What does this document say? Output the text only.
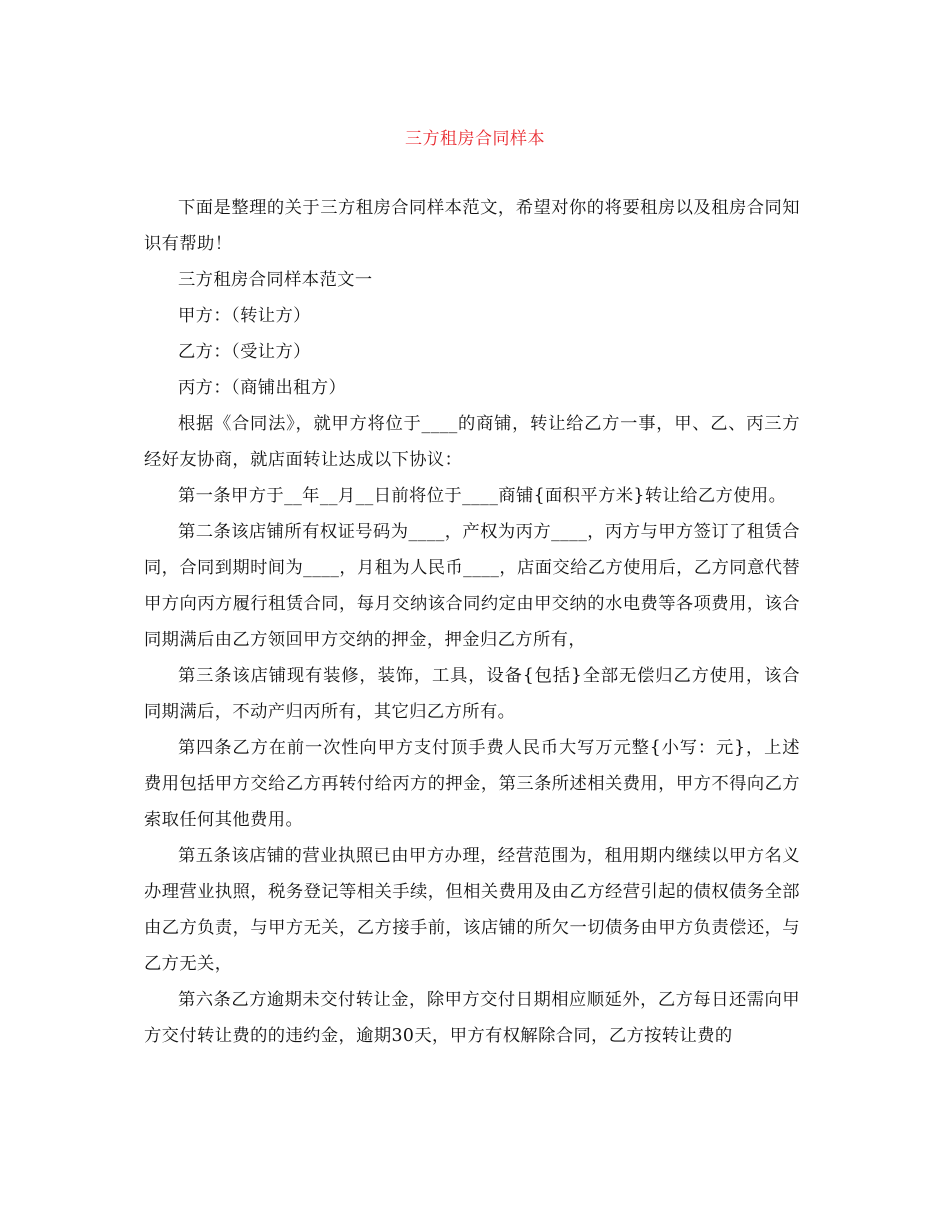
三方租房合同样本

下面是整理的关于三方租房合同样本范文，希望对你的将要租房以及租房合同知识有帮助！

三方租房合同样本范文一

甲方：（转让方）

乙方：（受让方）

丙方：（商铺出租方）

根据《合同法》，就甲方将位于____的商铺，转让给乙方一事，甲、乙、丙三方经好友协商，就店面转让达成以下协议：

第一条甲方于__年__月__日前将位于____商铺{面积平方米}转让给乙方使用。

第二条该店铺所有权证号码为____，产权为丙方____，丙方与甲方签订了租赁合同，合同到期时间为____，月租为人民币____，店面交给乙方使用后，乙方同意代替甲方向丙方履行租赁合同，每月交纳该合同约定由甲交纳的水电费等各项费用，该合同期满后由乙方领回甲方交纳的押金，押金归乙方所有，

第三条该店铺现有装修，装饰，工具，设备{包括}全部无偿归乙方使用，该合同期满后，不动产归丙所有，其它归乙方所有。

第四条乙方在前一次性向甲方支付顶手费人民币大写万元整{小写：元}，上述费用包括甲方交给乙方再转付给丙方的押金，第三条所述相关费用，甲方不得向乙方索取任何其他费用。

第五条该店铺的营业执照已由甲方办理，经营范围为，租用期内继续以甲方名义办理营业执照，税务登记等相关手续，但相关费用及由乙方经营引起的债权债务全部由乙方负责，与甲方无关，乙方接手前，该店铺的所欠一切债务由甲方负责偿还，与乙方无关，

第六条乙方逾期未交付转让金，除甲方交付日期相应顺延外，乙方每日还需向甲方交付转让费的的违约金，逾期30天，甲方有权解除合同，乙方按转让费的
